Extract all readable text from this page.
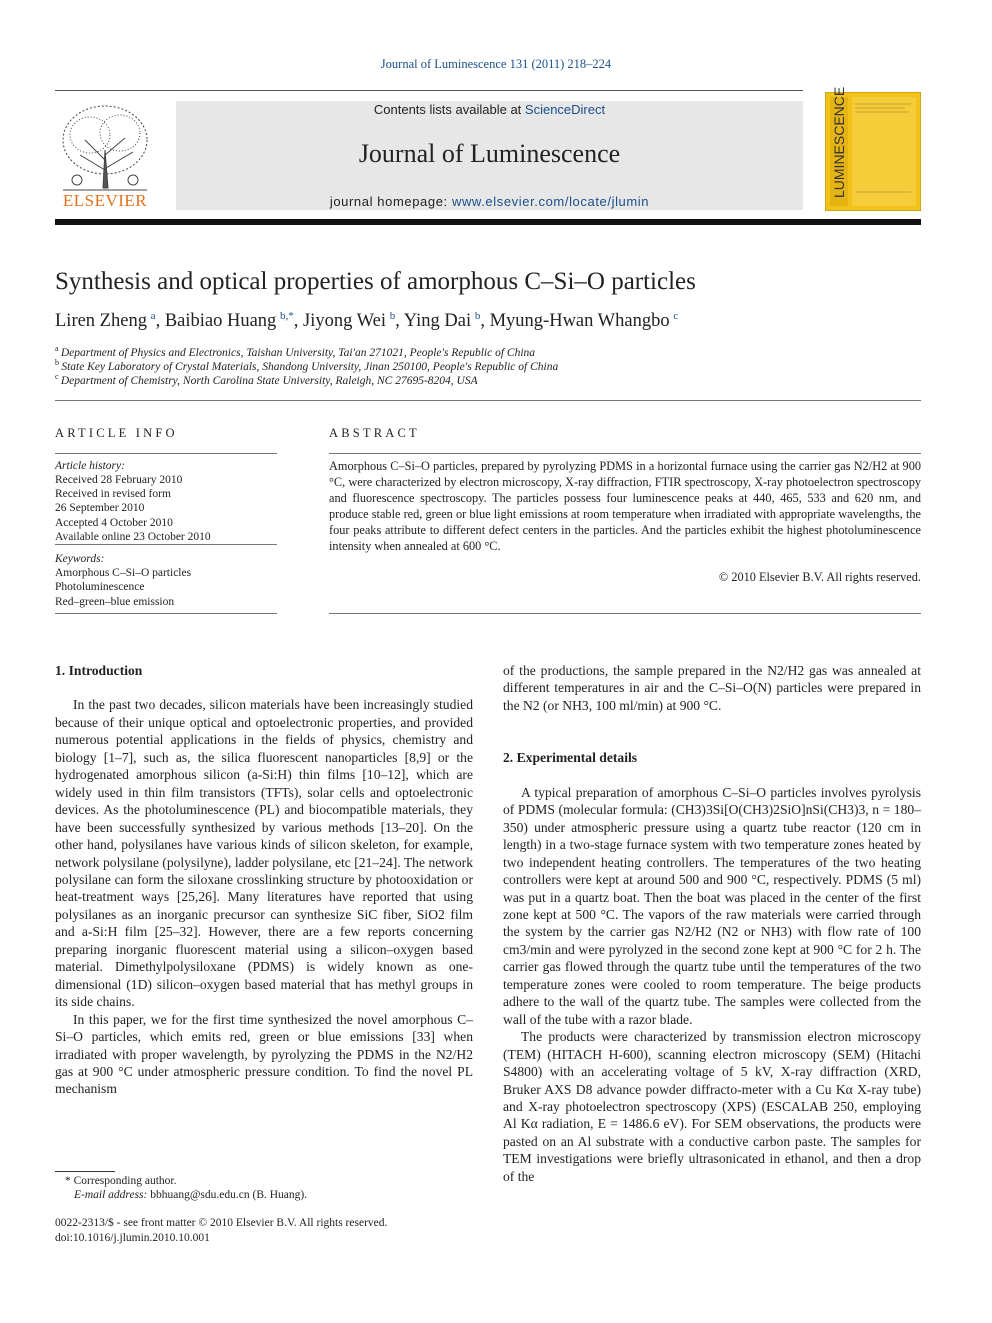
Journal of Luminescence 131 (2011) 218–224
ELSEVIER
Contents lists available at ScienceDirect
Journal of Luminescence
journal homepage: www.elsevier.com/locate/jlumin
LUMINESCENCE
Synthesis and optical properties of amorphous C–Si–O particles
Liren Zheng  $^a$, Baibiao Huang  $^{b,*}$, Jiyong Wei  $^b$, Ying Dai  $^b$, Myung-Hwan Whangbo  $^c$
$^a$  Department of Physics and Electronics, Taishan University, Tai'an 271021, People's Republic of China
$^b$  State Key Laboratory of Crystal Materials, Shandong University, Jinan 250100, People's Republic of China
$^c$  Department of Chemistry, North Carolina State University, Raleigh, NC 27695-8204, USA
ARTICLE INFO	ABSTRACT
Article history:
Received 28 February 2010
Received in revised form
26 September 2010
Accepted 4 October 2010
Available online 23 October 2010
Keywords:
Amorphous C–Si–O particles
Photoluminescence
Red–green–blue emission
Amorphous C–Si–O particles, prepared by pyrolyzing PDMS in a horizontal furnace using the carrier gas N2/H2 at 900 °C, were characterized by electron microscopy, X-ray diffraction, FTIR spectroscopy, X-ray photoelectron spectroscopy and fluorescence spectroscopy. The particles possess four luminescence peaks at 440, 465, 533 and 620 nm, and produce stable red, green or blue light emissions at room temperature when irradiated with appropriate wavelengths, the four peaks attribute to different defect centers in the particles. And the particles exhibit the highest photoluminescence intensity when annealed at 600 °C.
© 2010 Elsevier B.V. All rights reserved.
1. Introduction

In the past two decades, silicon materials have been increasingly studied because of their unique optical and optoelectronic properties, and provided numerous potential applications in the fields of physics, chemistry and biology [1–7], such as, the silica fluorescent nanoparticles [8,9] or the hydrogenated amorphous silicon (a-Si:H) thin films [10–12], which are widely used in thin film transistors (TFTs), solar cells and optoelectronic devices. As the photoluminescence (PL) and biocompatible materials, they have been successfully synthesized by various methods [13–20]. On the other hand, polysilanes have various kinds of silicon skeleton, for example, network polysilane (polysilyne), ladder polysilane, etc [21–24]. The network polysilane can form the siloxane crosslinking structure by photooxidation or heat-treatment ways [25,26]. Many literatures have reported that using polysilanes as an inorganic precursor can synthesize SiC fiber, SiO2 film and a-Si:H film [25–32]. However, there are a few reports concerning preparing inorganic fluorescent material using a silicon–oxygen based material. Dimethylpolysiloxane (PDMS) is widely known as one-dimensional (1D) silicon–oxygen based material that has methyl groups in its side chains.

In this paper, we for the first time synthesized the novel amorphous C–Si–O particles, which emits red, green or blue emissions [33] when irradiated with proper wavelength, by pyrolyzing the PDMS in the N2/H2 gas at 900 °C under atmospheric pressure condition. To find the novel PL mechanism

of the productions, the sample prepared in the N2/H2 gas was annealed at different temperatures in air and the C–Si–O(N) particles were prepared in the N2 (or NH3, 100 ml/min) at 900 °C.

2. Experimental details

A typical preparation of amorphous C–Si–O particles involves pyrolysis of PDMS (molecular formula: (CH3)3Si[O(CH3)2SiO]nSi(CH3)3, n = 180–350) under atmospheric pressure using a quartz tube reactor (120 cm in length) in a two-stage furnace system with two temperature zones heated by two independent heating controllers. The temperatures of the two heating controllers were kept at around 500 and 900 °C, respectively. PDMS (5 ml) was put in a quartz boat. Then the boat was placed in the center of the first zone kept at 500 °C. The vapors of the raw materials were carried through the system by the carrier gas N2/H2 (N2 or NH3) with flow rate of 100 cm3/min and were pyrolyzed in the second zone kept at 900 °C for 2 h. The carrier gas flowed through the quartz tube until the temperatures of the two temperature zones were cooled to room temperature. The beige products adhere to the wall of the quartz tube. The samples were collected from the wall of the tube with a razor blade.

The products were characterized by transmission electron microscopy (TEM) (HITACH H-600), scanning electron microscopy (SEM) (Hitachi S4800) with an accelerating voltage of 5 kV, X-ray diffraction (XRD, Bruker AXS D8 advance powder diffracto-meter with a Cu Kα X-ray tube) and X-ray photoelectron spectroscopy (XPS) (ESCALAB 250, employing Al Kα radiation, E = 1486.6 eV). For SEM observations, the products were pasted on an Al substrate with a conductive carbon paste. The samples for TEM investigations were briefly ultrasonicated in ethanol, and then a drop of the

* Corresponding author.
E-mail address: bbhuang@sdu.edu.cn (B. Huang).
0022-2313/$ - see front matter © 2010 Elsevier B.V. All rights reserved.
doi:10.1016/j.jlumin.2010.10.001
